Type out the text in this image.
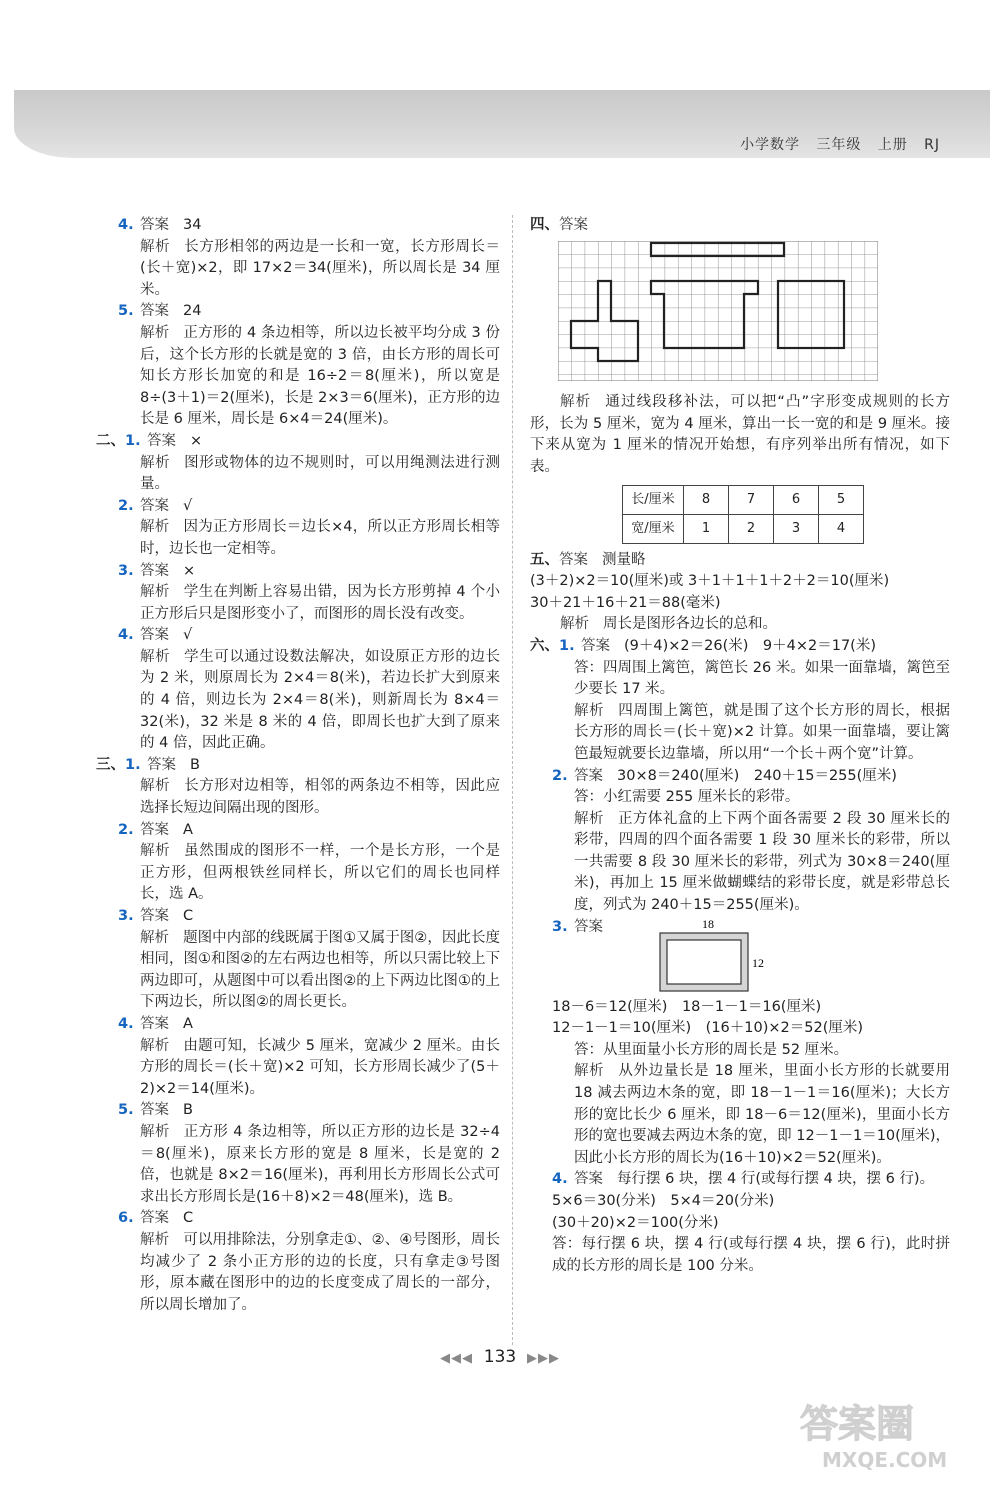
小学数学 三年级 上册 RJ
4. 答案 34
解析 长方形相邻的两边是一长和一宽，长方形周长＝(长＋宽)×2，即 17×2＝34(厘米)，所以周长是 34 厘米。
5. 答案 24
解析 正方形的 4 条边相等，所以边长被平均分成 3 份后，这个长方形的长就是宽的 3 倍，由长方形的周长可知长方形长加宽的和是 16÷2＝8(厘米)，所以宽是 8÷(3＋1)＝2(厘米)，长是 2×3＝6(厘米)，正方形的边长是 6 厘米，周长是 6×4＝24(厘米)。
二、1. 答案 ×
解析 图形或物体的边不规则时，可以用绳测法进行测量。
2. 答案 √
解析 因为正方形周长＝边长×4，所以正方形周长相等时，边长也一定相等。
3. 答案 ×
解析 学生在判断上容易出错，因为长方形剪掉 4 个小正方形后只是图形变小了，而图形的周长没有改变。
4. 答案 √
解析 学生可以通过设数法解决，如设原正方形的边长为 2 米，则原周长为 2×4＝8(米)，若边长扩大到原来的 4 倍，则边长为 2×4＝8(米)，则新周长为 8×4＝32(米)，32 米是 8 米的 4 倍，即周长也扩大到了原来的 4 倍，因此正确。
三、1. 答案 B
解析 长方形对边相等，相邻的两条边不相等，因此应选择长短边间隔出现的图形。
2. 答案 A
解析 虽然围成的图形不一样，一个是长方形，一个是正方形，但两根铁丝同样长，所以它们的周长也同样长，选 A。
3. 答案 C
解析 题图中内部的线既属于图①又属于图②，因此长度相同，图①和图②的左右两边也相等，所以只需比较上下两边即可，从题图中可以看出图②的上下两边比图①的上下两边长，所以图②的周长更长。
4. 答案 A
解析 由题可知，长减少 5 厘米，宽减少 2 厘米。由长方形的周长＝(长＋宽)×2 可知，长方形周长减少了(5＋2)×2＝14(厘米)。
5. 答案 B
解析 正方形 4 条边相等，所以正方形的边长是 32÷4＝8(厘米)，原来长方形的宽是 8 厘米，长是宽的 2 倍，也就是 8×2＝16(厘米)，再利用长方形周长公式可求出长方形周长是(16＋8)×2＝48(厘米)，选 B。
6. 答案 C
解析 可以用排除法，分别拿走①、②、④号图形，周长均减少了 2 条小正方形的边的长度，只有拿走③号图形，原本藏在图形中的边的长度变成了周长的一部分，所以周长增加了。
四、答案
解析 通过线段移补法，可以把“凸”字形变成规则的长方形，长为 5 厘米，宽为 4 厘米，算出一长一宽的和是 9 厘米。接下来从宽为 1 厘米的情况开始想，有序列举出所有情况，如下表。
长/厘米	8	7	6	5
宽/厘米	1	2	3	4
五、答案 测量略
(3＋2)×2＝10(厘米)或 3＋1＋1＋1＋2＋2＝10(厘米)
30＋21＋16＋21＝88(毫米)
解析 周长是图形各边长的总和。
六、1. 答案 (9＋4)×2＝26(米)　9＋4×2＝17(米)
答：四周围上篱笆，篱笆长 26 米。如果一面靠墙，篱笆至少要长 17 米。
解析 四周围上篱笆，就是围了这个长方形的周长，根据长方形的周长＝(长＋宽)×2 计算。如果一面靠墙，要让篱笆最短就要长边靠墙，所以用“一个长＋两个宽”计算。
2. 答案 30×8＝240(厘米)　240＋15＝255(厘米)
答：小红需要 255 厘米长的彩带。
解析 正方体礼盒的上下两个面各需要 2 段 30 厘米长的彩带，四周的四个面各需要 1 段 30 厘米长的彩带，所以一共需要 8 段 30 厘米长的彩带，列式为 30×8＝240(厘米)，再加上 15 厘米做蝴蝶结的彩带长度，就是彩带总长度，列式为 240＋15＝255(厘米)。
3. 答案	18
12
18－6＝12(厘米)　18－1－1＝16(厘米)
12－1－1＝10(厘米)　(16＋10)×2＝52(厘米)
答：从里面量小长方形的周长是 52 厘米。
解析 从外边量长是 18 厘米，里面小长方形的长就要用 18 减去两边木条的宽，即 18－1－1＝16(厘米)；大长方形的宽比长少 6 厘米，即 18－6＝12(厘米)，里面小长方形的宽也要减去两边木条的宽，即 12－1－1＝10(厘米)，因此小长方形的周长为(16＋10)×2＝52(厘米)。
4. 答案 每行摆 6 块，摆 4 行(或每行摆 4 块，摆 6 行)。
5×6＝30(分米)　5×4＝20(分米)
(30＋20)×2＝100(分米)
答：每行摆 6 块，摆 4 行(或每行摆 4 块，摆 6 行)，此时拼成的长方形的周长是 100 分米。
◀◀◀ 133 ▶▶▶
答案圈
MXQE.COM
